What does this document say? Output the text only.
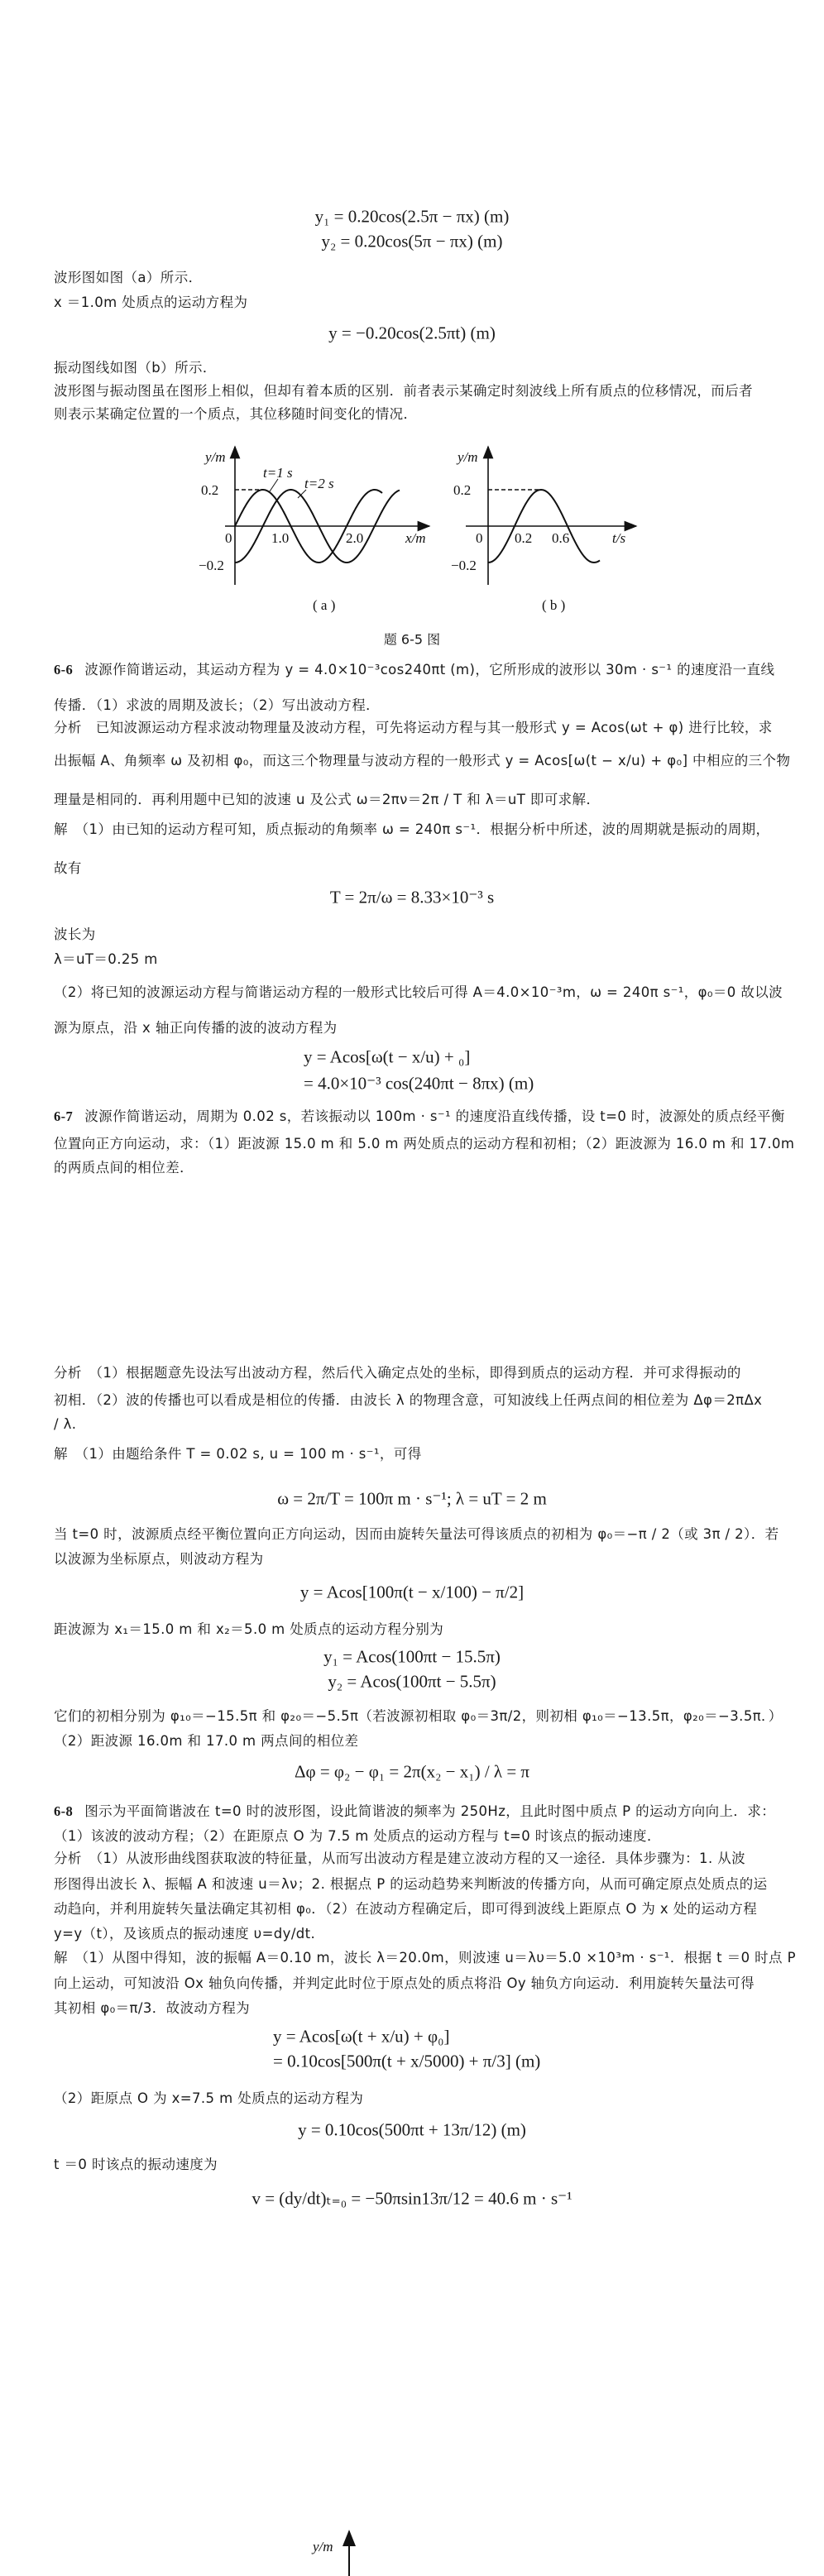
y₁ = 0.20cos(2.5π − πx) (m)
y₂ = 0.20cos(5π − πx) (m)
波形图如图（a）所示．
x ＝1.0m 处质点的运动方程为
y = −0.20cos(2.5πt) (m)
振动图线如图（b）所示．
波形图与振动图虽在图形上相似，但却有着本质的区别．前者表示某确定时刻波线上所有质点的位移情况，而后者
则表示某确定位置的一个质点，其位移随时间变化的情况．
y/m
0.2
−0.2
0	1.0	2.0	x/m
t=1 s
t=2 s
( a )
y/m
0.2
−0.2
0 0.2 0.6	t/s
( b )
题 6-5 图
6-6 波源作简谐运动，其运动方程为 y = 4.0×10⁻³cos240πt (m)，它所形成的波形以 30m · s⁻¹ 的速度沿一直线
传播．（1）求波的周期及波长；（2）写出波动方程．
分析　已知波源运动方程求波动物理量及波动方程，可先将运动方程与其一般形式 y = Acos(ωt + φ) 进行比较，求
出振幅 A、角频率 ω 及初相 φ₀，而这三个物理量与波动方程的一般形式 y = Acos[ω(t − x/u) + φ₀] 中相应的三个物
理量是相同的．再利用题中已知的波速 u 及公式 ω＝2πν＝2π / T 和 λ＝uT 即可求解．
解　（1）由已知的运动方程可知，质点振动的角频率 ω = 240π s⁻¹．根据分析中所述，波的周期就是振动的周期，
故有
T = 2π/ω = 8.33×10⁻³ s
波长为
λ＝uT＝0.25 m
（2）将已知的波源运动方程与简谐运动方程的一般形式比较后可得 A＝4.0×10⁻³m，ω = 240π s⁻¹，φ₀＝0 故以波
源为原点，沿 x 轴正向传播的波的波动方程为
y = Acos[ω(t − x/u) + ₀]
= 4.0×10⁻³ cos(240πt − 8πx) (m)
6-7 波源作简谐运动，周期为 0.02 s，若该振动以 100m · s⁻¹ 的速度沿直线传播，设 t=0 时，波源处的质点经平衡
位置向正方向运动，求：（1）距波源 15.0 m 和 5.0 m 两处质点的运动方程和初相；（2）距波源为 16.0 m 和 17.0m
的两质点间的相位差．
分析　（1）根据题意先设法写出波动方程，然后代入确定点处的坐标，即得到质点的运动方程．并可求得振动的
初相．（2）波的传播也可以看成是相位的传播．由波长 λ 的物理含意，可知波线上任两点间的相位差为 Δφ＝2πΔx
/ λ.
解　（1）由题给条件 T = 0.02 s, u = 100 m · s⁻¹，可得
ω = 2π/T = 100π m · s⁻¹; λ = uT = 2 m
当 t=0 时，波源质点经平衡位置向正方向运动，因而由旋转矢量法可得该质点的初相为 φ₀＝−π / 2（或 3π / 2）．若
以波源为坐标原点，则波动方程为
y = Acos[100π(t − x/100) − π/2]
距波源为 x₁＝15.0 m 和 x₂＝5.0 m 处质点的运动方程分别为
y₁ = Acos(100πt − 15.5π)
y₂ = Acos(100πt − 5.5π)
它们的初相分别为 φ₁₀＝−15.5π 和 φ₂₀＝−5.5π（若波源初相取 φ₀＝3π/2，则初相 φ₁₀＝−13.5π，φ₂₀＝−3.5π．）
（2）距波源 16.0m 和 17.0 m 两点间的相位差
Δφ = φ₂ − φ₁ = 2π(x₂ − x₁) / λ = π
6-8 图示为平面简谐波在 t=0 时的波形图，设此简谐波的频率为 250Hz，且此时图中质点 P 的运动方向向上．求：
（1）该波的波动方程；（2）在距原点 O 为 7.5 m 处质点的运动方程与 t=0 时该点的振动速度．
分析　（1）从波形曲线图获取波的特征量，从而写出波动方程是建立波动方程的又一途径．具体步骤为：1. 从波
形图得出波长 λ、振幅 A 和波速 u＝λν；2. 根据点 P 的运动趋势来判断波的传播方向，从而可确定原点处质点的运
动趋向，并利用旋转矢量法确定其初相 φ₀．（2）在波动方程确定后，即可得到波线上距原点 O 为 x 处的运动方程
y=y（t），及该质点的振动速度 υ=dy/dt.
解　（1）从图中得知，波的振幅 A＝0.10 m，波长 λ＝20.0m，则波速 u＝λυ＝5.0 ×10³m · s⁻¹．根据 t ＝0 时点 P
向上运动，可知波沿 Ox 轴负向传播，并判定此时位于原点处的质点将沿 Oy 轴负方向运动．利用旋转矢量法可得
其初相 φ₀＝π/3．故波动方程为
y = Acos[ω(t + x/u) + φ₀]
= 0.10cos[500π(t + x/5000) + π/3] (m)
（2）距原点 O 为 x=7.5 m 处质点的运动方程为
y = 0.10cos(500πt + 13π/12) (m)
t ＝0 时该点的振动速度为
v = (dy/dt)ₜ₌₀ = −50πsin13π/12 = 40.6 m · s⁻¹
y/m
